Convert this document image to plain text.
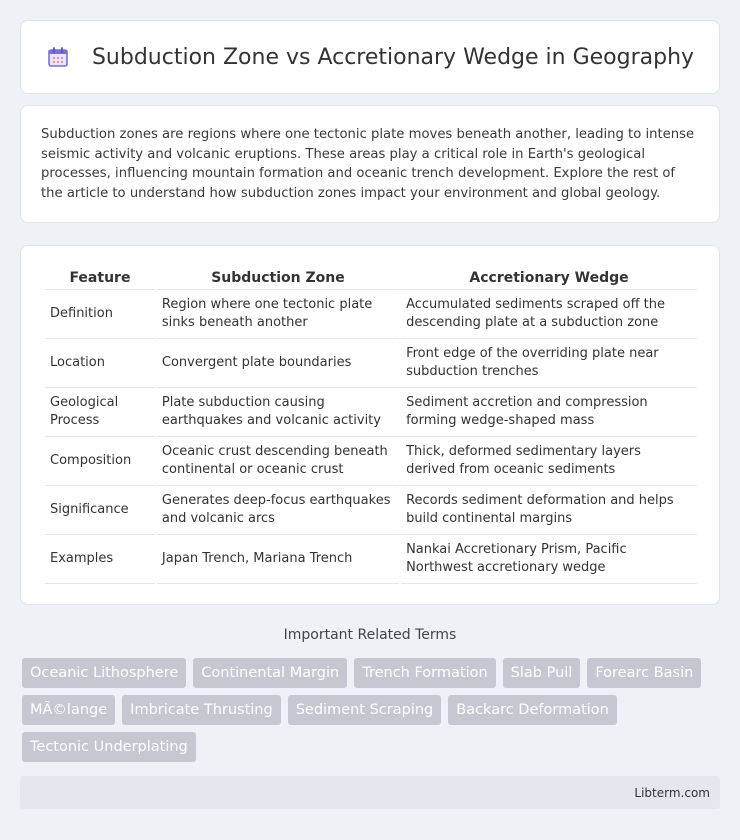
Subduction Zone vs Accretionary Wedge in Geography

Subduction zones are regions where one tectonic plate moves beneath another, leading to intense seismic activity and volcanic eruptions. These areas play a critical role in Earth's geological processes, influencing mountain formation and oceanic trench development. Explore the rest of the article to understand how subduction zones impact your environment and global geology.

Feature	Subduction Zone	Accretionary Wedge
Definition	Region where one tectonic plate sinks beneath another	Accumulated sediments scraped off the descending plate at a subduction zone
Location	Convergent plate boundaries	Front edge of the overriding plate near subduction trenches
Geological Process	Plate subduction causing earthquakes and volcanic activity	Sediment accretion and compression forming wedge-shaped mass
Composition	Oceanic crust descending beneath continental or oceanic crust	Thick, deformed sedimentary layers derived from oceanic sediments
Significance	Generates deep-focus earthquakes and volcanic arcs	Records sediment deformation and helps build continental margins
Examples	Japan Trench, Mariana Trench	Nankai Accretionary Prism, Pacific Northwest accretionary wedge
Important Related Terms
Oceanic Lithosphere	Continental Margin	Trench Formation	Slab Pull	Forearc Basin
MÃ©lange	Imbricate Thrusting	Sediment Scraping	Backarc Deformation
Tectonic Underplating
Libterm.com
